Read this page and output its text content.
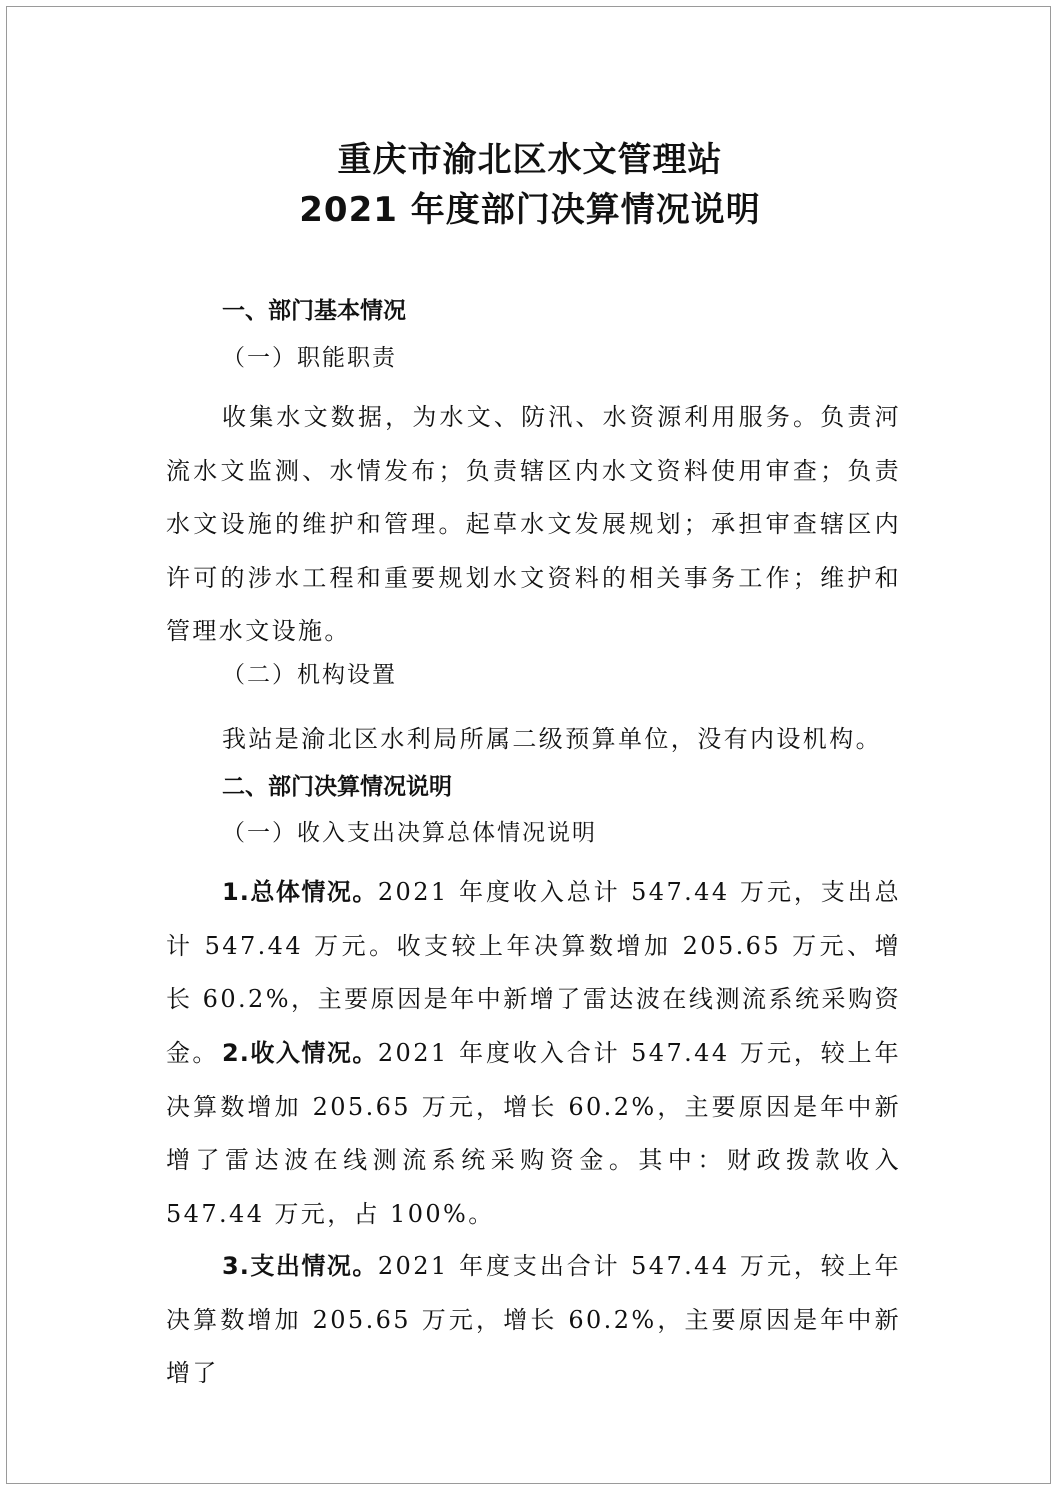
重庆市渝北区水文管理站
2021 年度部门决算情况说明
一、部门基本情况
（一）职能职责

收集水文数据，为水文、防汛、水资源利用服务。负责河流水文监测、水情发布；负责辖区内水文资料使用审查；负责水文设施的维护和管理。起草水文发展规划；承担审查辖区内许可的涉水工程和重要规划水文资料的相关事务工作；维护和管理水文设施。

（二）机构设置

我站是渝北区水利局所属二级预算单位，没有内设机构。

二、部门决算情况说明
（一）收入支出决算总体情况说明

1.总体情况。2021 年度收入总计 547.44 万元，支出总计 547.44 万元。收支较上年决算数增加 205.65 万元、增长 60.2%，主要原因是年中新增了雷达波在线测流系统采购资金。 2.收入情况。2021 年度收入合计 547.44 万元，较上年决算数增加 205.65 万元，增长 60.2%，主要原因是年中新增了雷达波在线测流系统采购资金。其中：财政拨款收入 547.44 万元，占 100%。

3.支出情况。2021 年度支出合计 547.44 万元，较上年决算数增加 205.65 万元，增长 60.2%，主要原因是年中新增了
